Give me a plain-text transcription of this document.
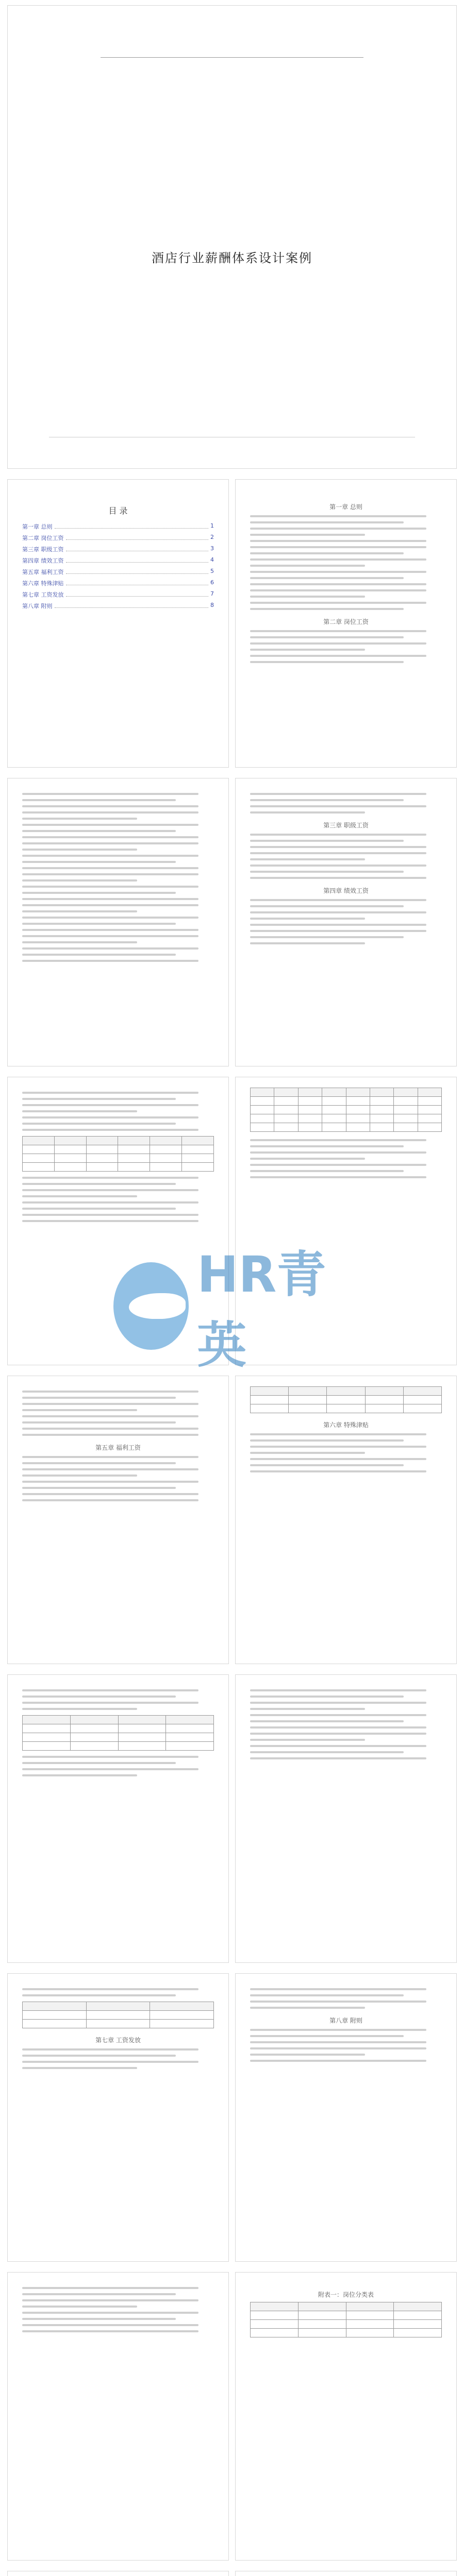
酒店行业薪酬体系设计案例
目 录
第一章 总则	1
第二章 岗位工资	2
第三章 职级工资	3
第四章 绩效工资	4
第五章 福利工资	5
第六章 特殊津贴	6
第七章 工资发放	7
第八章 附则	8
第一章 总则
第二章 岗位工资
第三章 职级工资
第四章 绩效工资

HR青英
第五章 福利工资

第六章 特殊津贴

第七章 工资发放
第八章 附则
附表一：岗位分类表
